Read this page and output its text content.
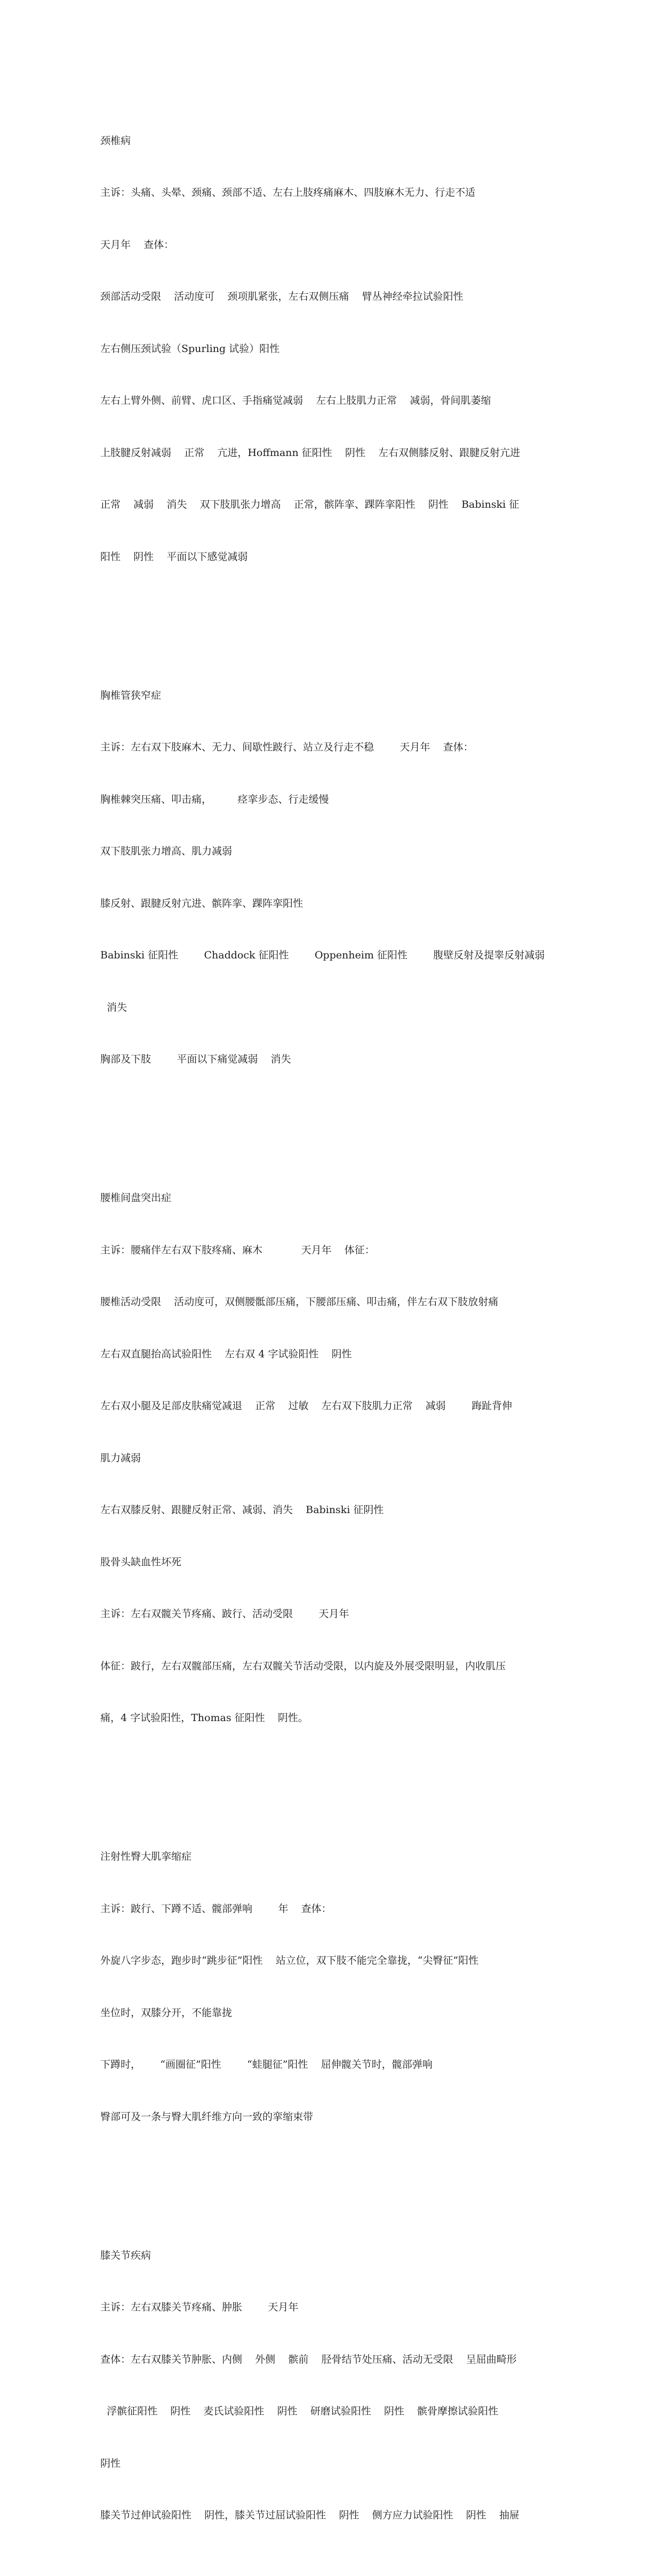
颈椎病

主诉：头痛、头晕、颈痛、颈部不适、左右上肢疼痛麻木、四肢麻木无力、行走不适

天月年    查体：

颈部活动受限    活动度可    颈项肌紧张，左右双侧压痛    臂丛神经牵拉试验阳性

左右侧压颈试验（Spurling 试验）阳性

左右上臂外侧、前臂、虎口区、手指痛觉减弱    左右上肢肌力正常    减弱，骨间肌萎缩

上肢腱反射减弱    正常    亢进，Hoffmann 征阳性    阴性    左右双侧膝反射、跟腱反射亢进

正常    减弱    消失    双下肢肌张力增高    正常，髌阵挛、踝阵挛阳性    阴性    Babinski 征

阳性    阴性    平面以下感觉减弱

胸椎管狭窄症

主诉：左右双下肢麻木、无力、间歇性跛行、站立及行走不稳        天月年    查体：

胸椎棘突压痛、叩击痛，        痉挛步态、行走缓慢

双下肢肌张力增高、肌力减弱

膝反射、跟腱反射亢进、髌阵挛、踝阵挛阳性

Babinski 征阳性        Chaddock 征阳性        Oppenheim 征阳性        腹壁反射及提睾反射减弱

消失

胸部及下肢        平面以下痛觉减弱    消失

腰椎间盘突出症

主诉：腰痛伴左右双下肢疼痛、麻木            天月年    体征：

腰椎活动受限    活动度可，双侧腰骶部压痛，下腰部压痛、叩击痛，伴左右双下肢放射痛

左右双直腿抬高试验阳性    左右双 4 字试验阳性    阴性

左右双小腿及足部皮肤痛觉减退    正常    过敏    左右双下肢肌力正常    减弱        踇趾背伸

肌力减弱

左右双膝反射、跟腱反射正常、减弱、消失    Babinski 征阴性

股骨头缺血性坏死

主诉：左右双髋关节疼痛、跛行、活动受限        天月年

体征：跛行，左右双髋部压痛，左右双髋关节活动受限，以内旋及外展受限明显，内收肌压

痛，4 字试验阳性，Thomas 征阳性    阴性。

注射性臀大肌挛缩症

主诉：跛行、下蹲不适、髋部弹响        年    查体：

外旋八字步态，跑步时“跳步征”阳性    站立位，双下肢不能完全靠拢，“尖臀征”阳性

坐位时，双膝分开，不能靠拢

下蹲时，      “画圈征”阳性        “蛙腿征”阳性    屈伸髋关节时，髋部弹响

臀部可及一条与臀大肌纤维方向一致的挛缩束带

膝关节疾病

主诉：左右双膝关节疼痛、肿胀        天月年

查体：左右双膝关节肿胀、内侧    外侧    髌前    胫骨结节处压痛、活动无受限    呈屈曲畸形

浮髌征阳性    阴性    麦氏试验阳性    阴性    研磨试验阳性    阴性    髌骨摩擦试验阳性

阴性

膝关节过伸试验阳性    阴性，膝关节过屈试验阳性    阴性    侧方应力试验阳性    阴性    抽屉
